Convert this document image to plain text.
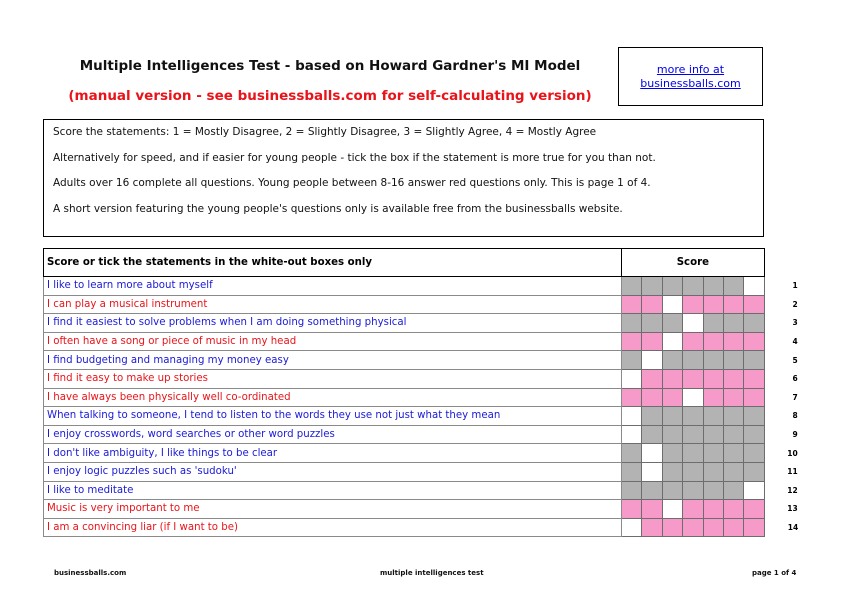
Multiple Intelligences Test - based on Howard Gardner's MI Model
(manual version - see businessballs.com for self-calculating version)
more info at
businessballs.com

Score the statements: 1 = Mostly Disagree, 2 = Slightly Disagree, 3 = Slightly Agree, 4 = Mostly Agree

Alternatively for speed, and if easier for young people - tick the box if the statement is more true for you than not.

Adults over 16 complete all questions. Young people between 8-16 answer red questions only. This is page 1 of 4.

A short version featuring the young people's questions only is available free from the businessballs website.

Score or tick the statements in the white-out boxes only	Score							
I like to learn more about myself								1
I can play a musical instrument								2
I find it easiest to solve problems when I am doing something physical								3
I often have a song or piece of music in my head								4
I find budgeting and managing my money easy								5
I find it easy to make up stories								6
I have always been physically well co-ordinated								7
When talking to someone, I tend to listen to the words they use not just what they mean								8
I enjoy crosswords, word searches or other word puzzles								9
I don't like ambiguity, I like things to be clear								10
I enjoy logic puzzles such as 'sudoku'								11
I like to meditate								12
Music is very important to me								13
I am a convincing liar (if I want to be)								14
businessballs.com	multiple intelligences test	page 1 of 4
